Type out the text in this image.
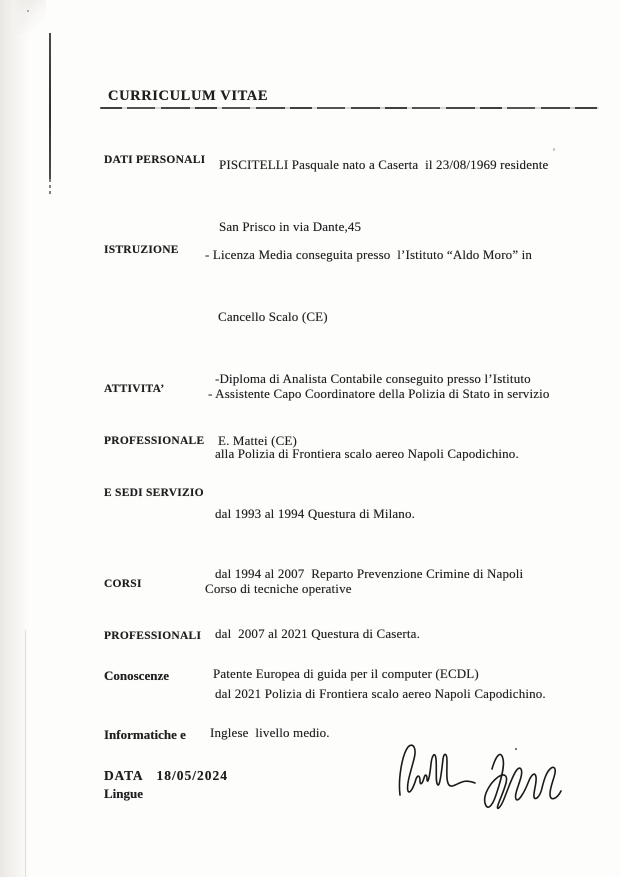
CURRICULUM VITAE

DATI PERSONALI

	PISCITELLI Pasquale nato a Caserta  il 23/08/1969 residente

San Prisco in via Dante,45

ISTRUZIONE

- Licenza Media conseguita presso  l’Istituto “Aldo Moro” in

Cancello Scalo (CE)

-Diploma di Analista Contabile conseguito presso l’Istituto

E. Mattei (CE)

ATTIVITA’

PROFESSIONALE

E SEDI SERVIZIO

- Assistente Capo Coordinatore della Polizia di Stato in servizio

alla Polizia di Frontiera scalo aereo Napoli Capodichino.

dal 1993 al 1994 Questura di Milano.

dal 1994 al 2007  Reparto Prevenzione Crimine di Napoli

dal  2007 al 2021 Questura di Caserta.

dal 2021 Polizia di Frontiera scalo aereo Napoli Capodichino.

CORSI

PROFESSIONALI

Corso di tecniche operative

Conoscenze

Informatiche e

Lingue

Patente Europea di guida per il computer (ECDL)

Inglese  livello medio.

DATA 18/05/2024
